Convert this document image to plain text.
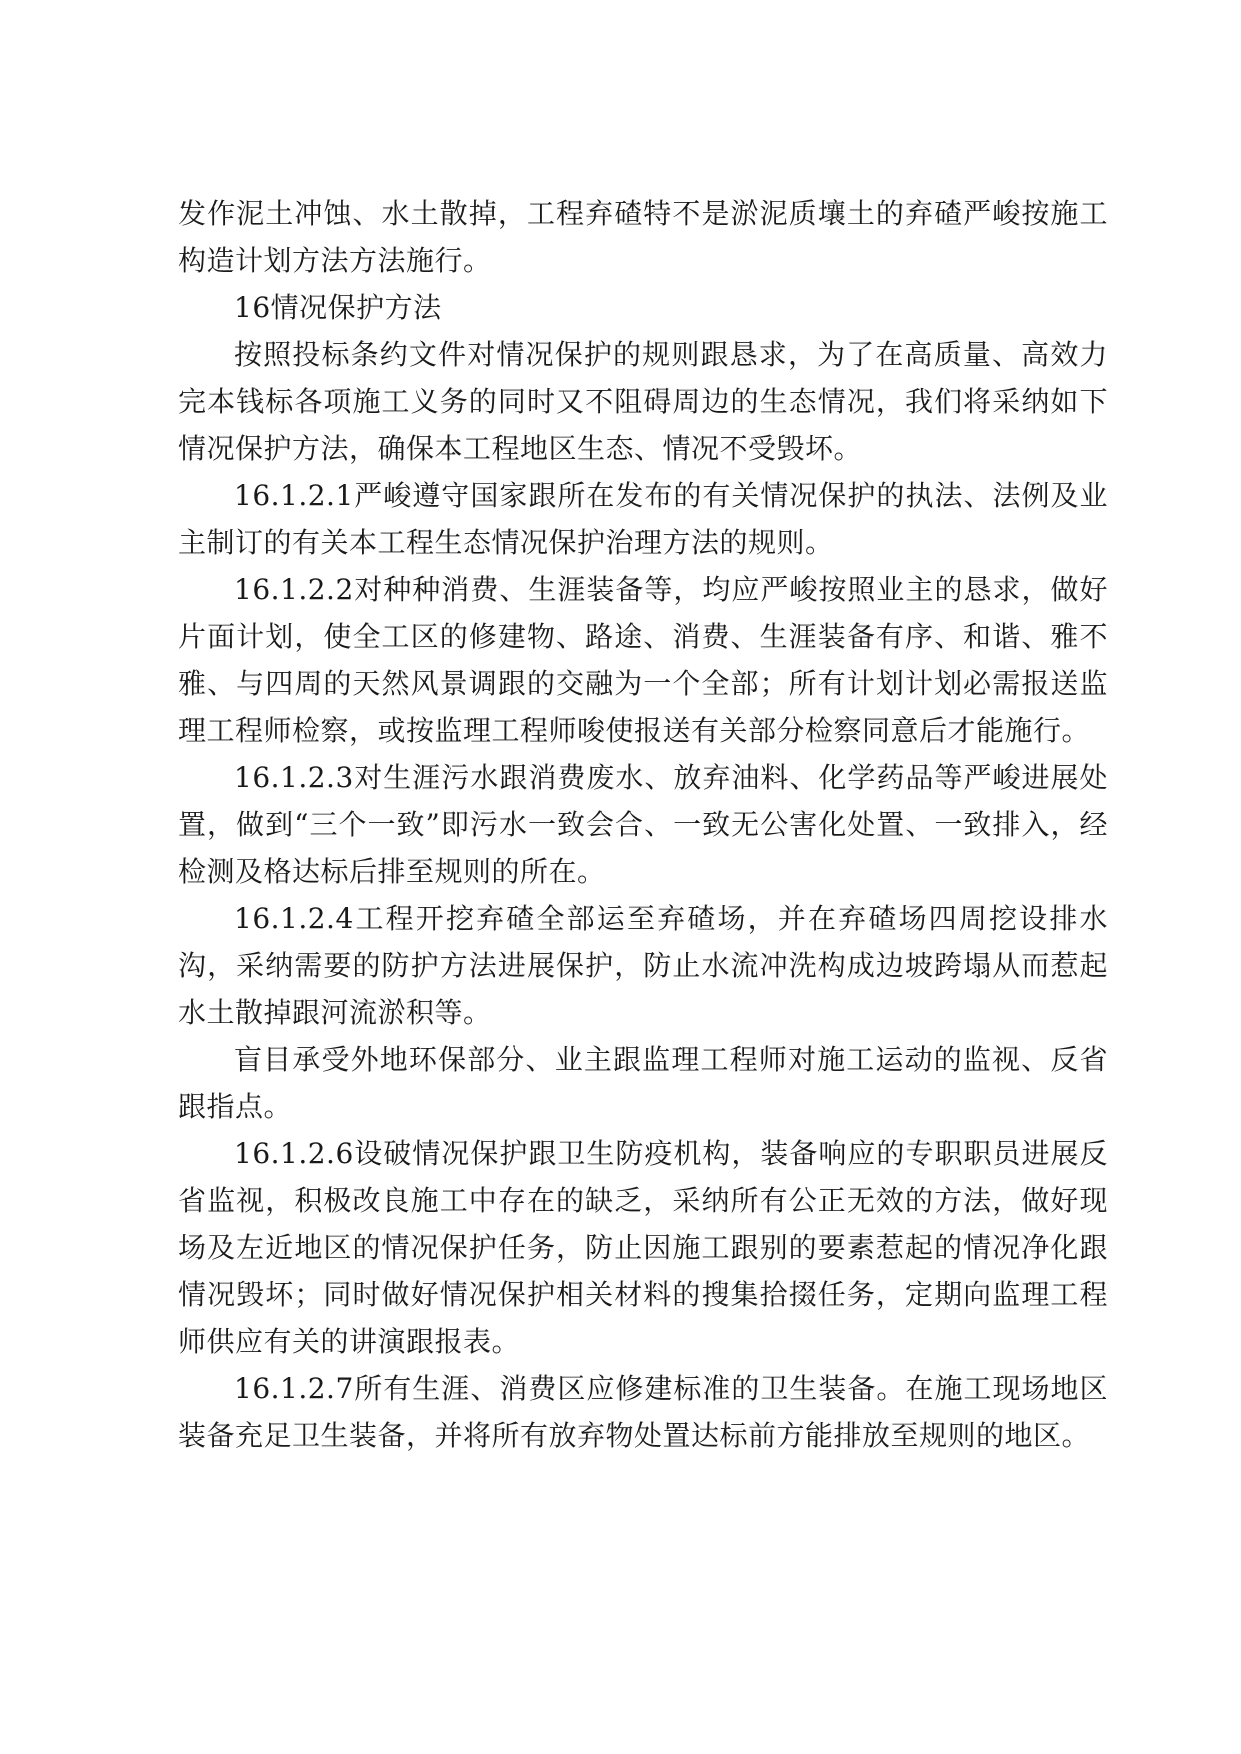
发作泥土冲蚀、水土散掉，工程弃碴特不是淤泥质壤土的弃碴严峻按施工构造计划方法方法施行。

16情况保护方法

按照投标条约文件对情况保护的规则跟恳求，为了在高质量、高效力完本钱标各项施工义务的同时又不阻碍周边的生态情况，我们将采纳如下情况保护方法，确保本工程地区生态、情况不受毁坏。

16.1.2.1严峻遵守国家跟所在发布的有关情况保护的执法、法例及业主制订的有关本工程生态情况保护治理方法的规则。

16.1.2.2对种种消费、生涯装备等，均应严峻按照业主的恳求，做好片面计划，使全工区的修建物、路途、消费、生涯装备有序、和谐、雅不雅、与四周的天然风景调跟的交融为一个全部；所有计划计划必需报送监理工程师检察，或按监理工程师唆使报送有关部分检察同意后才能施行。

16.1.2.3对生涯污水跟消费废水、放弃油料、化学药品等严峻进展处置，做到“三个一致”即污水一致会合、一致无公害化处置、一致排入，经检测及格达标后排至规则的所在。

16.1.2.4工程开挖弃碴全部运至弃碴场，并在弃碴场四周挖设排水沟，采纳需要的防护方法进展保护，防止水流冲洗构成边坡跨塌从而惹起水土散掉跟河流淤积等。

盲目承受外地环保部分、业主跟监理工程师对施工运动的监视、反省跟指点。

16.1.2.6设破情况保护跟卫生防疫机构，装备响应的专职职员进展反省监视，积极改良施工中存在的缺乏，采纳所有公正无效的方法，做好现场及左近地区的情况保护任务，防止因施工跟别的要素惹起的情况净化跟情况毁坏；同时做好情况保护相关材料的搜集拾掇任务，定期向监理工程师供应有关的讲演跟报表。

16.1.2.7所有生涯、消费区应修建标准的卫生装备。在施工现场地区装备充足卫生装备，并将所有放弃物处置达标前方能排放至规则的地区。
